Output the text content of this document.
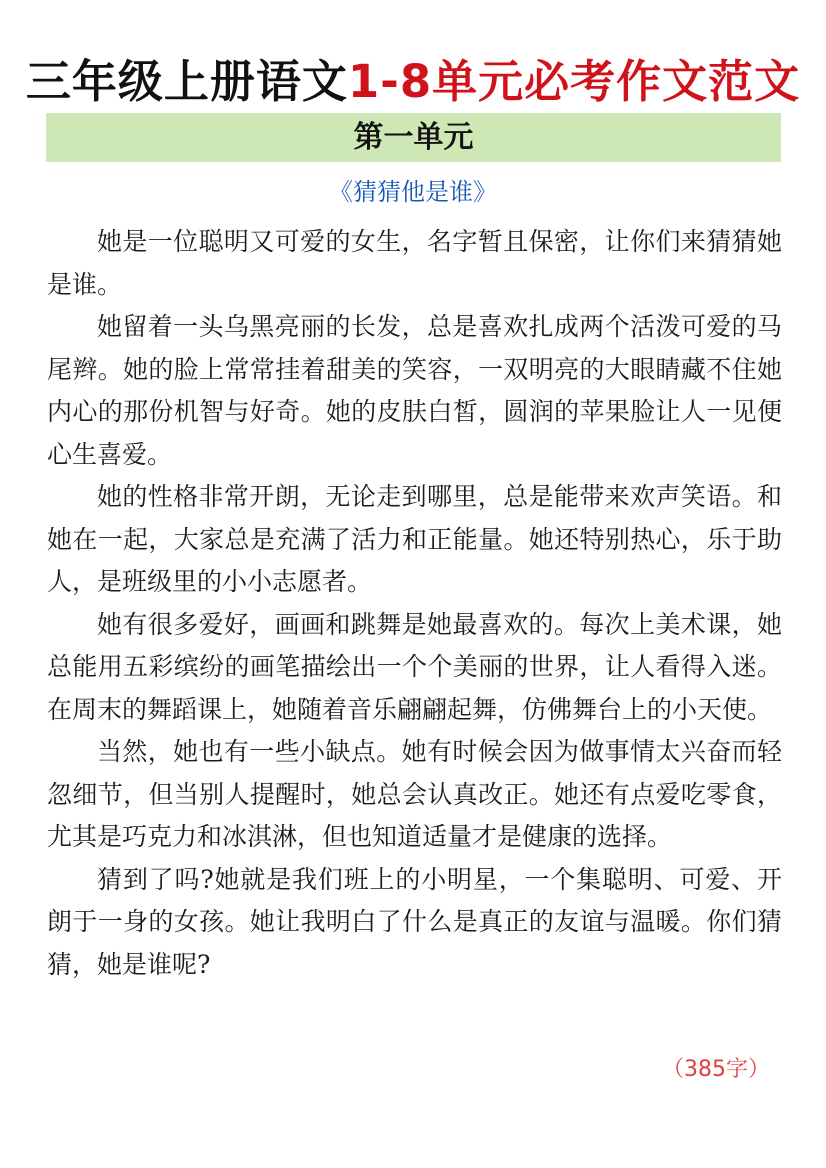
三年级上册语文1-8单元必考作文范文
第一单元
《猜猜他是谁》

她是一位聪明又可爱的女生，名字暂且保密，让你们来猜猜她是谁。

她留着一头乌黑亮丽的长发，总是喜欢扎成两个活泼可爱的马尾辫。她的脸上常常挂着甜美的笑容，一双明亮的大眼睛藏不住她内心的那份机智与好奇。她的皮肤白皙，圆润的苹果脸让人一见便心生喜爱。

她的性格非常开朗，无论走到哪里，总是能带来欢声笑语。和她在一起，大家总是充满了活力和正能量。她还特别热心，乐于助人，是班级里的小小志愿者。

她有很多爱好，画画和跳舞是她最喜欢的。每次上美术课，她总能用五彩缤纷的画笔描绘出一个个美丽的世界，让人看得入迷。在周末的舞蹈课上，她随着音乐翩翩起舞，仿佛舞台上的小天使。

当然，她也有一些小缺点。她有时候会因为做事情太兴奋而轻忽细节，但当别人提醒时，她总会认真改正。她还有点爱吃零食，尤其是巧克力和冰淇淋，但也知道适量才是健康的选择。

猜到了吗?她就是我们班上的小明星，一个集聪明、可爱、开朗于一身的女孩。她让我明白了什么是真正的友谊与温暖。你们猜猜，她是谁呢?

（385字）
